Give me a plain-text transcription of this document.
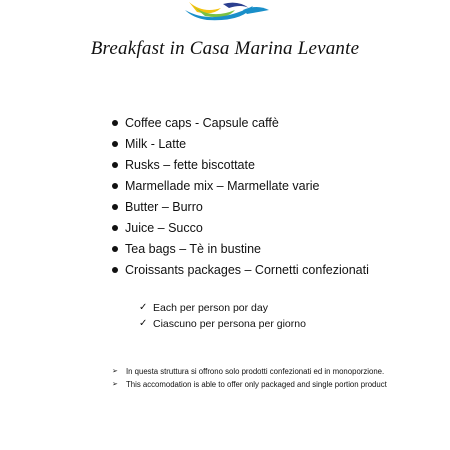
Breakfast in Casa Marina Levante
Coffee caps - Capsule caffè
Milk - Latte
Rusks – fette biscottate
Marmellade mix – Marmellate varie
Butter – Burro
Juice – Succo
Tea bags – Tè in bustine
Croissants packages – Cornetti confezionati
✓ Each per person por day
✓ Ciascuno per persona per giorno
➢ In questa struttura si offrono solo prodotti confezionati ed in monoporzione.
➢ This accomodation is able to offer only packaged and single portion product
